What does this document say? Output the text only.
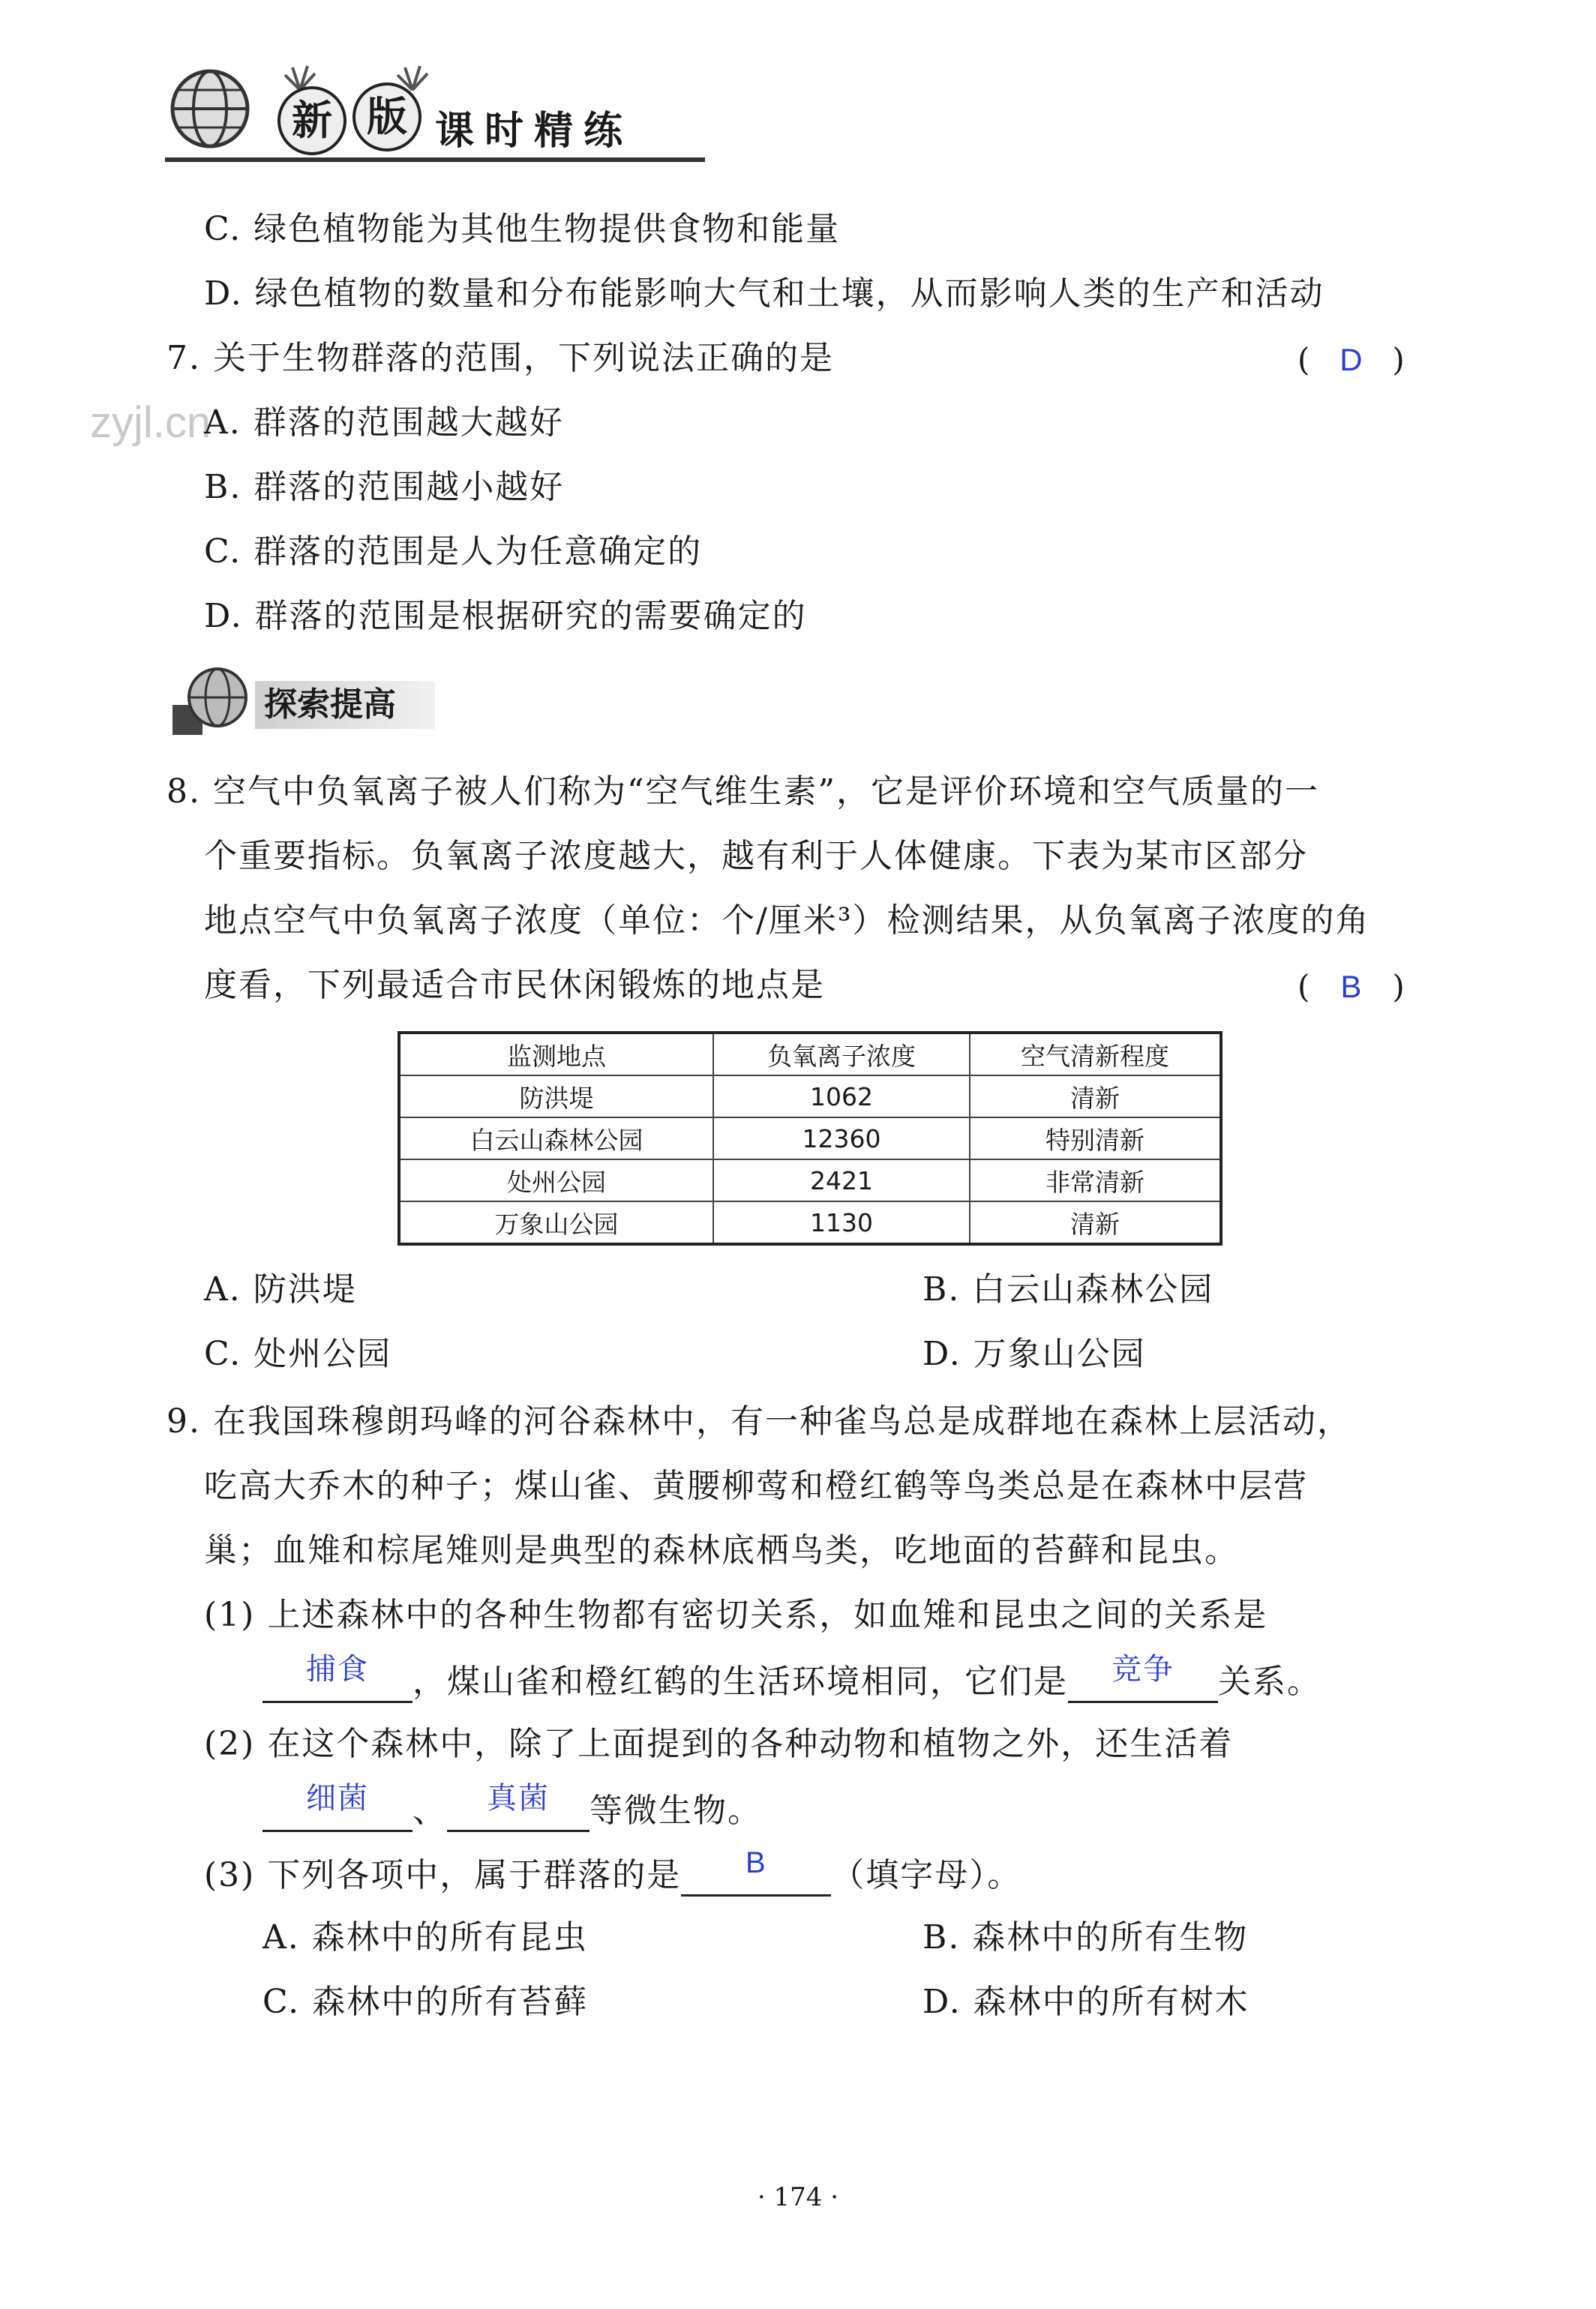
新 版 课时精练
C. 绿色植物能为其他生物提供食物和能量
D. 绿色植物的数量和分布能影响大气和土壤，从而影响人类的生产和活动
7. 关于生物群落的范围，下列说法正确的是	( D )
zyjl.cn
A. 群落的范围越大越好
B. 群落的范围越小越好
C. 群落的范围是人为任意确定的
D. 群落的范围是根据研究的需要确定的
探索提高
8. 空气中负氧离子被人们称为“空气维生素”，它是评价环境和空气质量的一
个重要指标。负氧离子浓度越大，越有利于人体健康。下表为某市区部分
地点空气中负氧离子浓度（单位：个/厘米³）检测结果，从负氧离子浓度的角
度看，下列最适合市民休闲锻炼的地点是	( B )
监测地点	负氧离子浓度	空气清新程度
防洪堤	1062	清新
白云山森林公园	12360	特别清新
处州公园	2421	非常清新
万象山公园	1130	清新
A. 防洪堤	B. 白云山森林公园
C. 处州公园	D. 万象山公园
9. 在我国珠穆朗玛峰的河谷森林中，有一种雀鸟总是成群地在森林上层活动，
吃高大乔木的种子；煤山雀、黄腰柳莺和橙红鹤等鸟类总是在森林中层营
巢；血雉和棕尾雉则是典型的森林底栖鸟类，吃地面的苔藓和昆虫。
(1) 上述森林中的各种生物都有密切关系，如血雉和昆虫之间的关系是
捕食	，煤山雀和橙红鹤的生活环境相同，它们是	竞争	关系。
(2) 在这个森林中，除了上面提到的各种动物和植物之外，还生活着
细菌	、	真菌	等微生物。
(3) 下列各项中，属于群落的是	B	（填字母）。
A. 森林中的所有昆虫	B. 森林中的所有生物
C. 森林中的所有苔藓	D. 森林中的所有树木
· 174 ·
